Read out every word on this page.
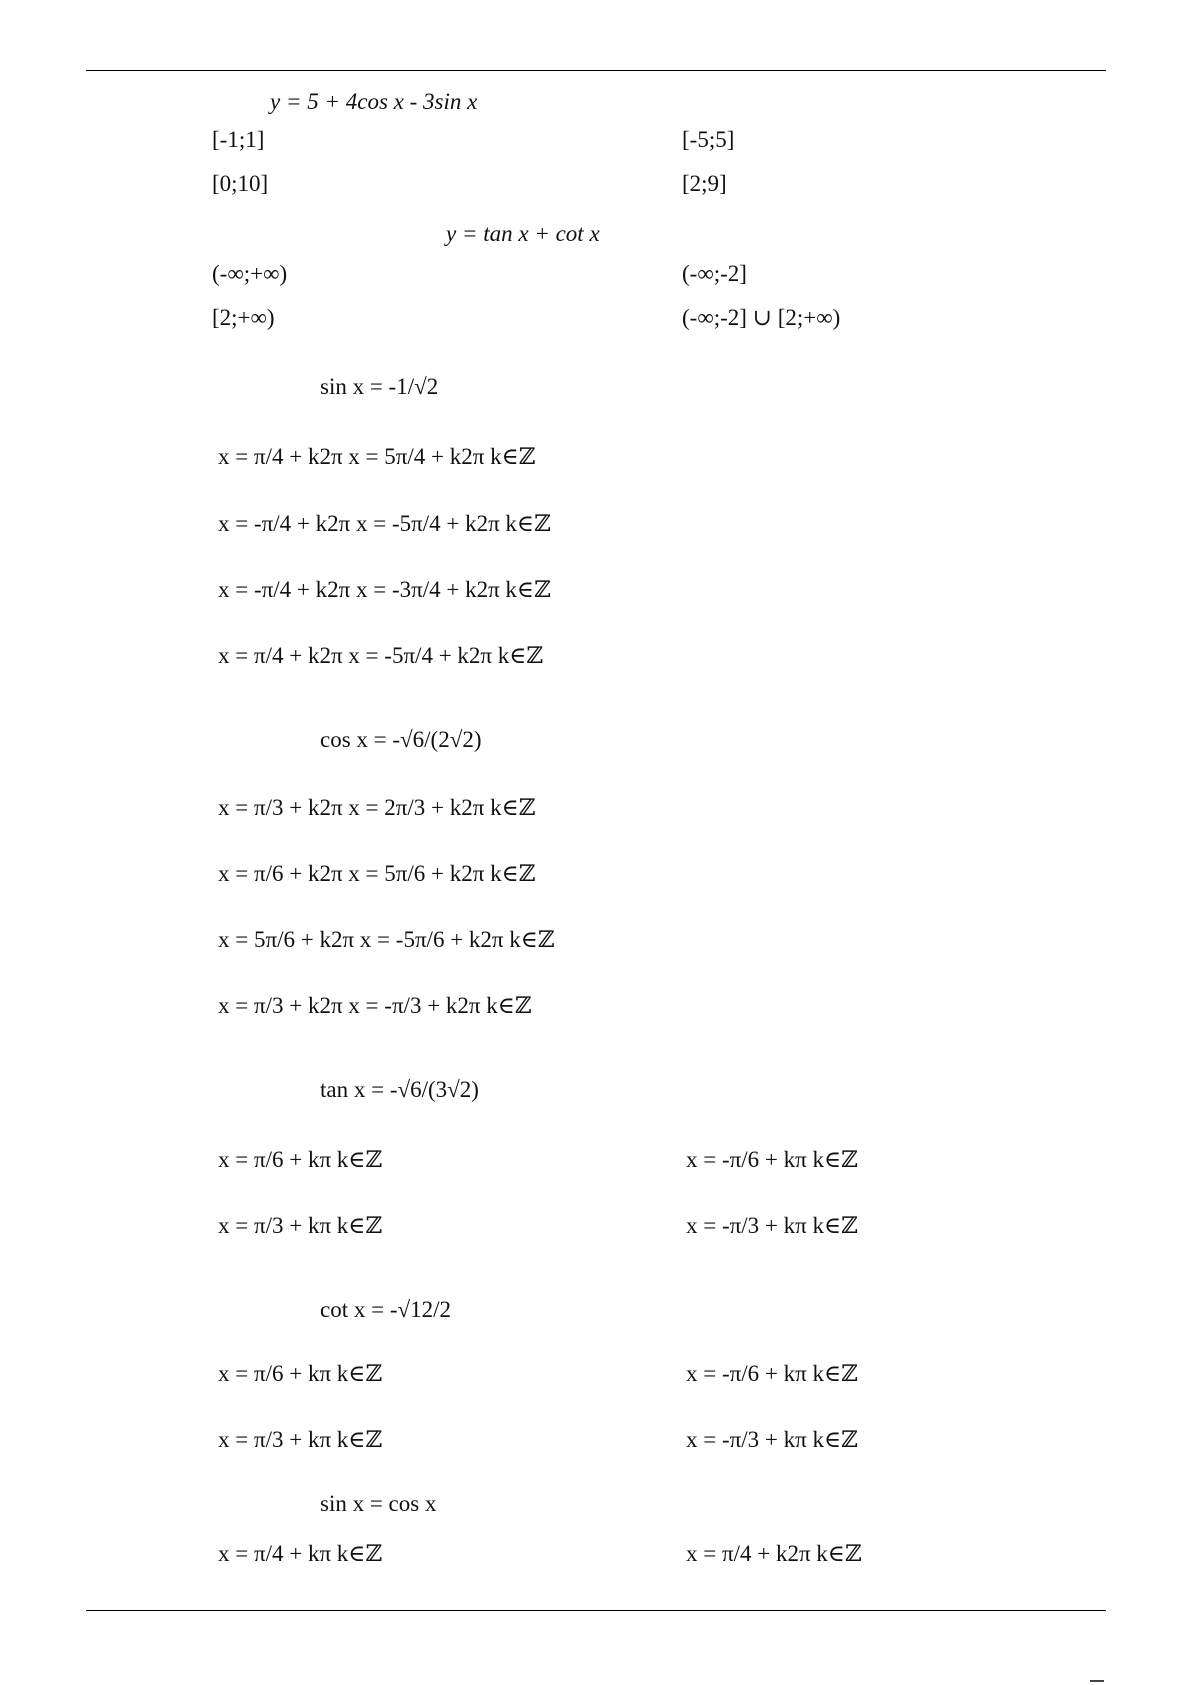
y = 5 + 4cos x - 3sin x
[-1;1]	[-5;5]
[0;10]	[2;9]
y = tan x + cot x
(-∞;+∞)	(-∞;-2]
[2;+∞)	(-∞;-2] ∪ [2;+∞)
sin x = -1/√2
x = π/4 + k2π x = 5π/4 + k2π k∈ℤ
x = -π/4 + k2π x = -5π/4 + k2π k∈ℤ
x = -π/4 + k2π x = -3π/4 + k2π k∈ℤ
x = π/4 + k2π x = -5π/4 + k2π k∈ℤ
cos x = -√6/(2√2)
x = π/3 + k2π x = 2π/3 + k2π k∈ℤ
x = π/6 + k2π x = 5π/6 + k2π k∈ℤ
x = 5π/6 + k2π x = -5π/6 + k2π k∈ℤ
x = π/3 + k2π x = -π/3 + k2π k∈ℤ
tan x = -√6/(3√2)
x = π/6 + kπ k∈ℤ	x = -π/6 + kπ k∈ℤ
x = π/3 + kπ k∈ℤ	x = -π/3 + kπ k∈ℤ
cot x = -√12/2
x = π/6 + kπ k∈ℤ	x = -π/6 + kπ k∈ℤ
x = π/3 + kπ k∈ℤ	x = -π/3 + kπ k∈ℤ
sin x = cos x
x = π/4 + kπ k∈ℤ	x = π/4 + k2π k∈ℤ
